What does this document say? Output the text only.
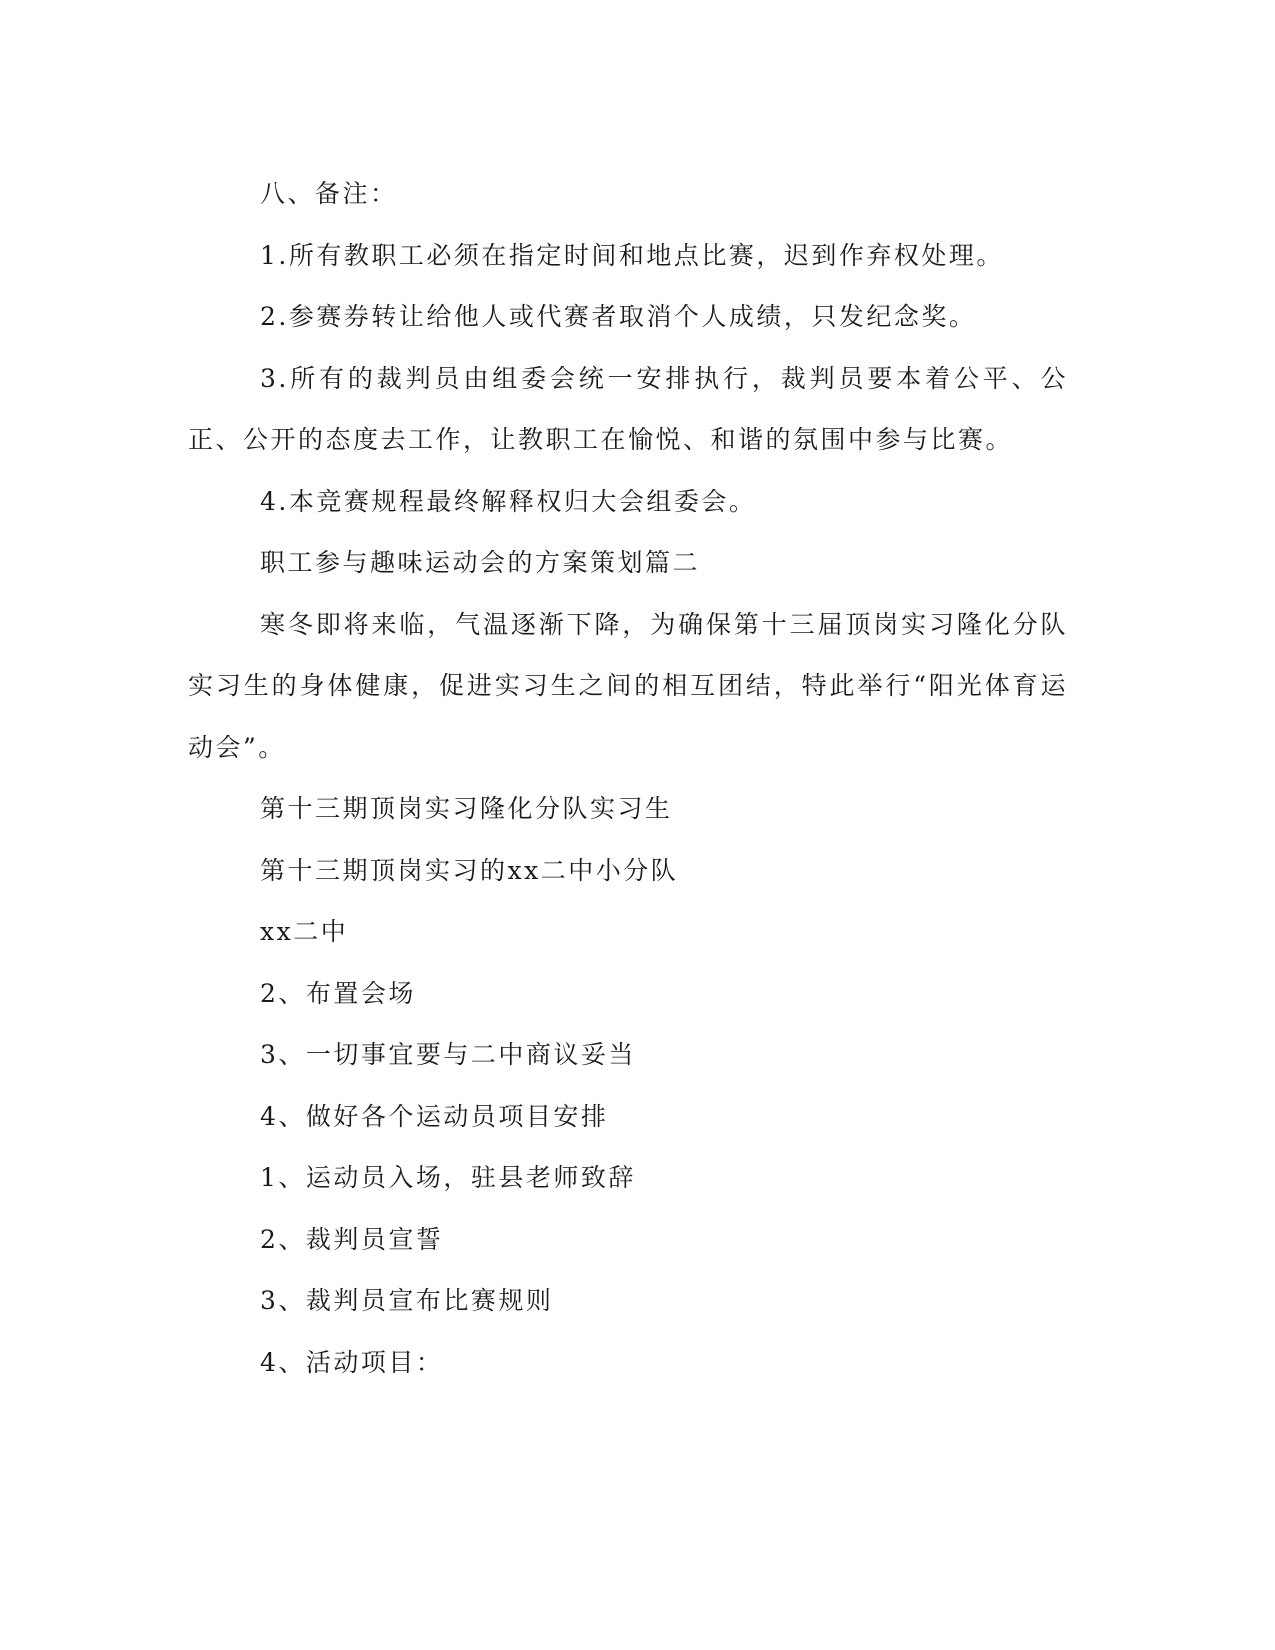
八、备注：

1.所有教职工必须在指定时间和地点比赛，迟到作弃权处理。

2.参赛券转让给他人或代赛者取消个人成绩，只发纪念奖。

3.所有的裁判员由组委会统一安排执行，裁判员要本着公平、公正、公开的态度去工作，让教职工在愉悦、和谐的氛围中参与比赛。

4.本竞赛规程最终解释权归大会组委会。

职工参与趣味运动会的方案策划篇二

寒冬即将来临，气温逐渐下降，为确保第十三届顶岗实习隆化分队实习生的身体健康，促进实习生之间的相互团结，特此举行“阳光体育运动会”。

第十三期顶岗实习隆化分队实习生

第十三期顶岗实习的xx二中小分队

xx二中

2、布置会场

3、一切事宜要与二中商议妥当

4、做好各个运动员项目安排

1、运动员入场，驻县老师致辞

2、裁判员宣誓

3、裁判员宣布比赛规则

4、活动项目：
